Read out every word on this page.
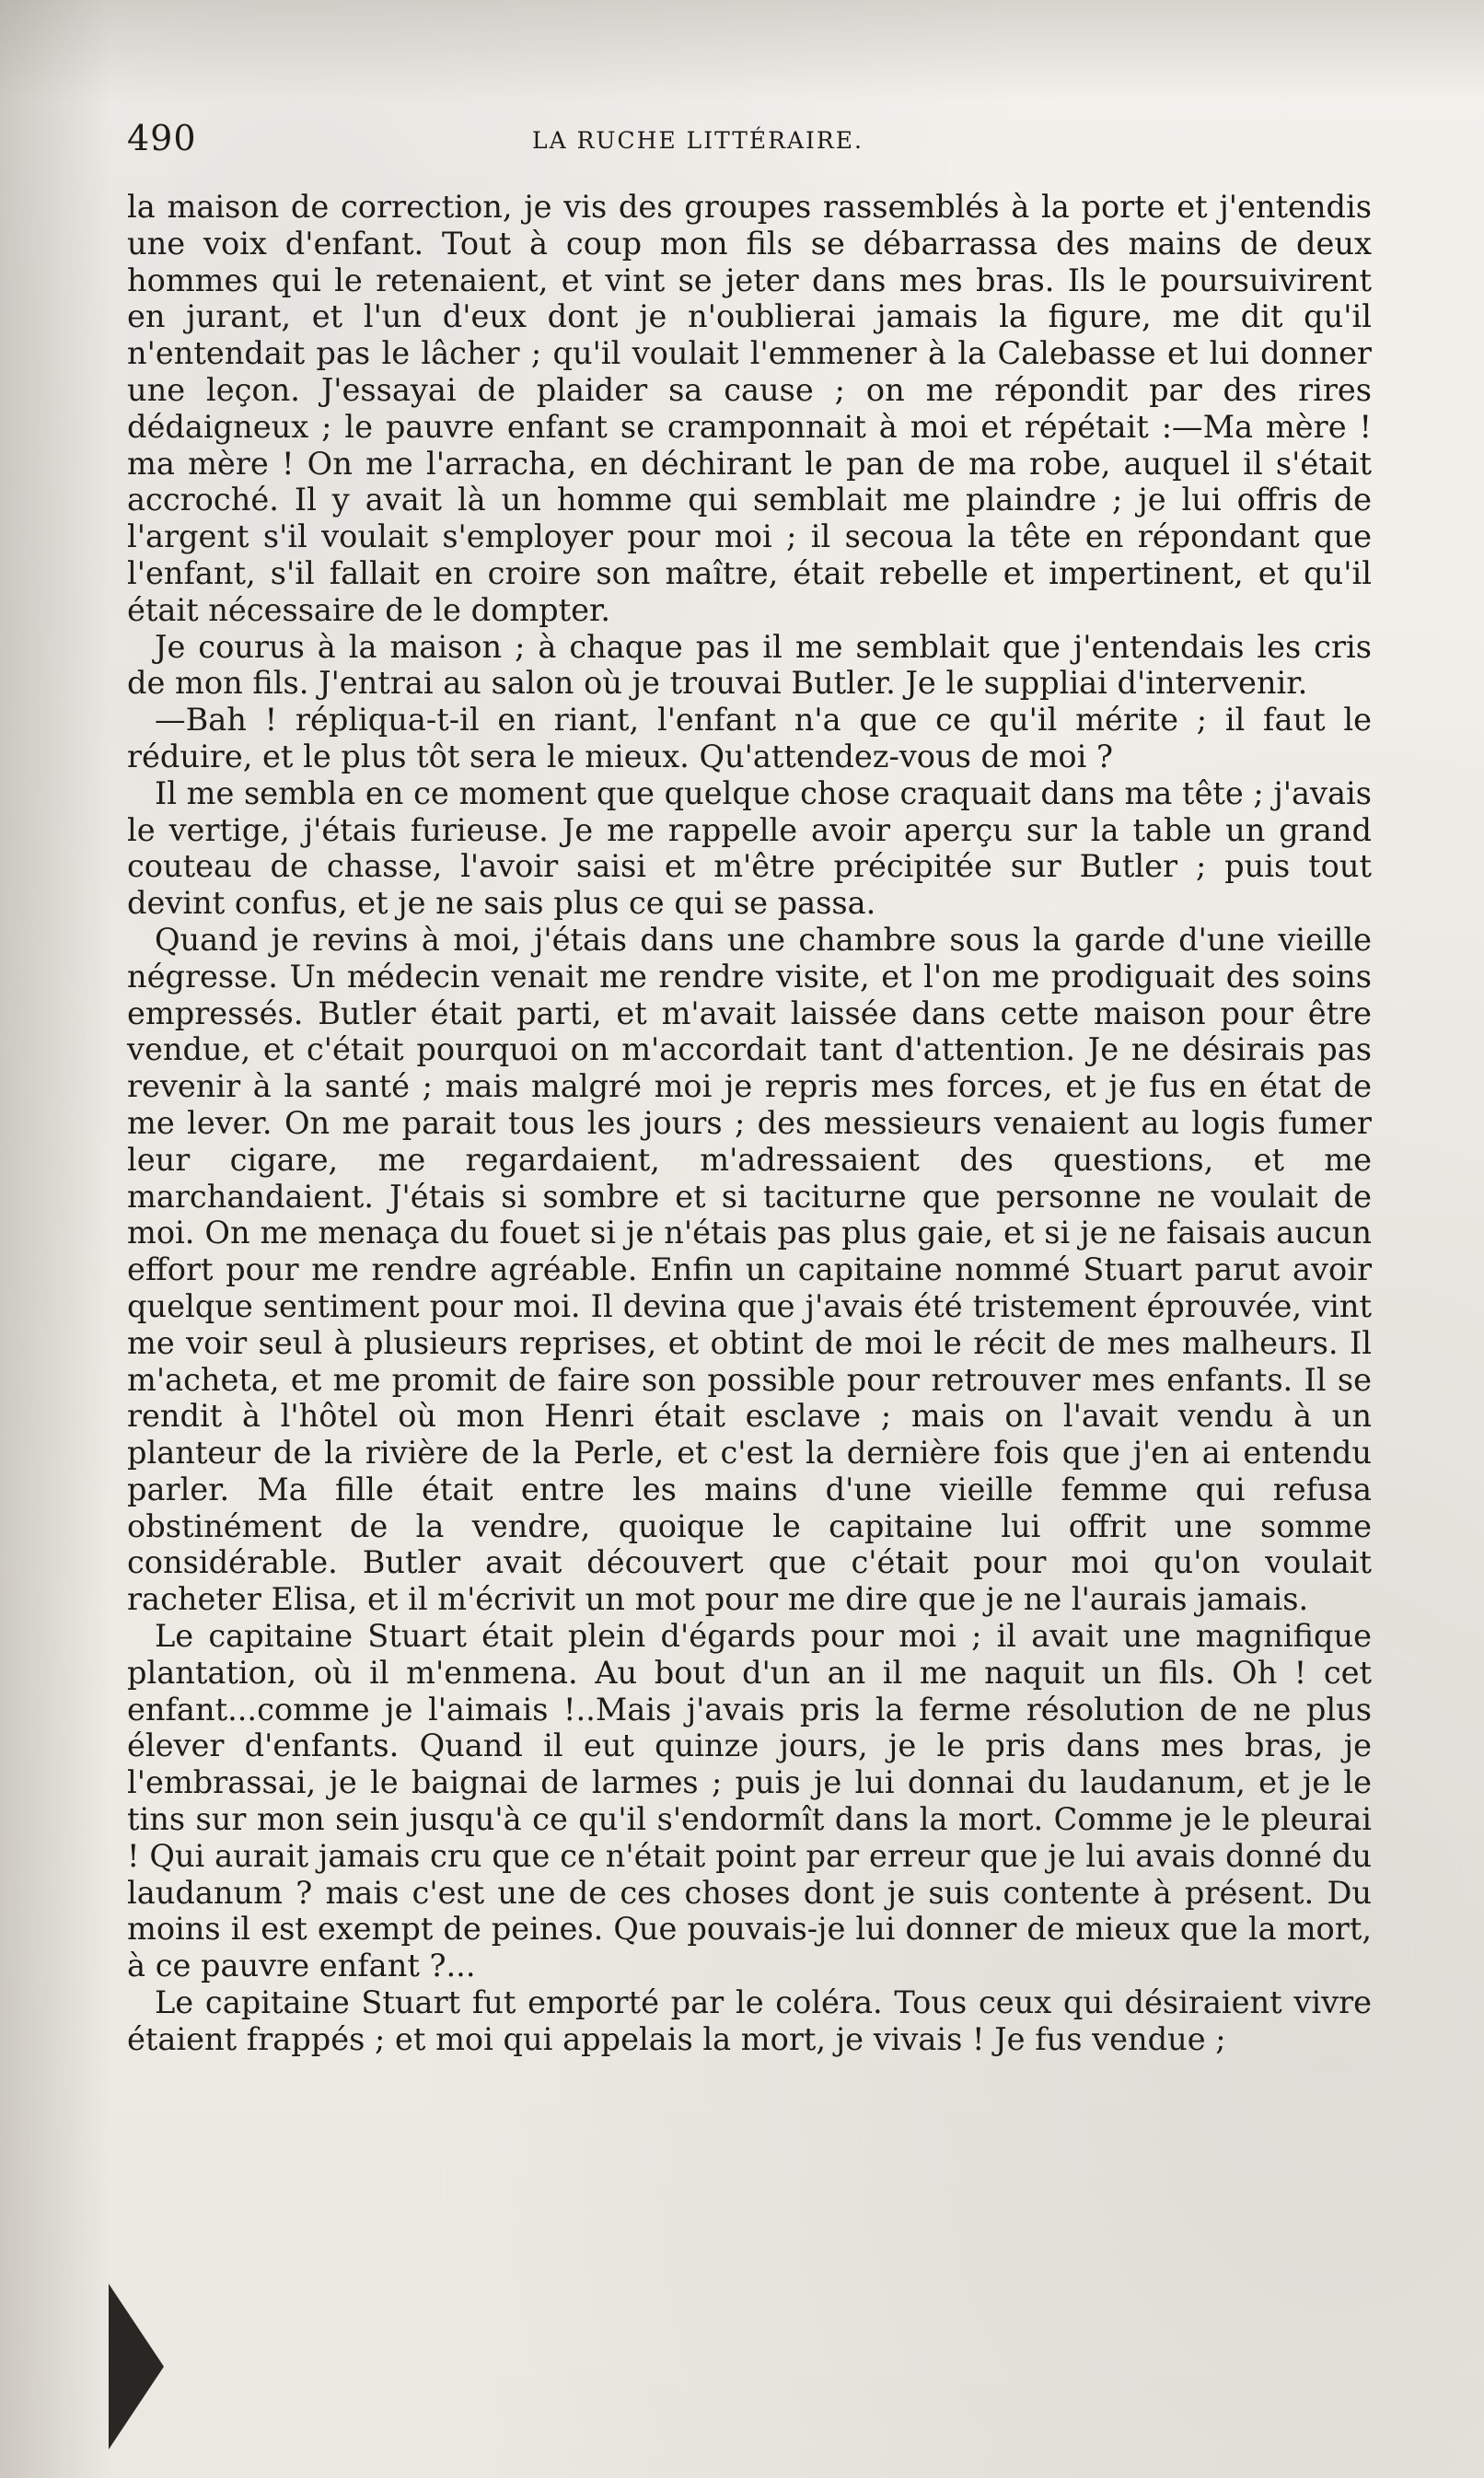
490	LA RUCHE LITTÉRAIRE.

la maison de correction, je vis des groupes rassemblés à la porte et j'entendis une voix d'enfant. Tout à coup mon fils se débarrassa des mains de deux hommes qui le retenaient, et vint se jeter dans mes bras. Ils le poursuivirent en jurant, et l'un d'eux dont je n'oublierai jamais la figure, me dit qu'il n'entendait pas le lâcher ; qu'il voulait l'emmener à la Calebasse et lui donner une leçon. J'essayai de plaider sa cause ; on me répondit par des rires dédaigneux ; le pauvre enfant se cramponnait à moi et répétait :—Ma mère ! ma mère ! On me l'arracha, en déchirant le pan de ma robe, auquel il s'était accroché. Il y avait là un homme qui semblait me plaindre ; je lui offris de l'argent s'il voulait s'employer pour moi ; il secoua la tête en répondant que l'enfant, s'il fallait en croire son maître, était rebelle et impertinent, et qu'il était nécessaire de le dompter.

Je courus à la maison ; à chaque pas il me semblait que j'entendais les cris de mon fils. J'entrai au salon où je trouvai Butler. Je le suppliai d'intervenir.

—Bah ! répliqua-t-il en riant, l'enfant n'a que ce qu'il mérite ; il faut le réduire, et le plus tôt sera le mieux. Qu'attendez-vous de moi ?

Il me sembla en ce moment que quelque chose craquait dans ma tête ; j'avais le vertige, j'étais furieuse. Je me rappelle avoir aperçu sur la table un grand couteau de chasse, l'avoir saisi et m'être précipitée sur Butler ; puis tout devint confus, et je ne sais plus ce qui se passa.

Quand je revins à moi, j'étais dans une chambre sous la garde d'une vieille négresse. Un médecin venait me rendre visite, et l'on me prodiguait des soins empressés. Butler était parti, et m'avait laissée dans cette maison pour être vendue, et c'était pourquoi on m'accordait tant d'attention. Je ne désirais pas revenir à la santé ; mais malgré moi je repris mes forces, et je fus en état de me lever. On me parait tous les jours ; des messieurs venaient au logis fumer leur cigare, me regardaient, m'adressaient des questions, et me marchandaient. J'étais si sombre et si taciturne que personne ne voulait de moi. On me menaça du fouet si je n'étais pas plus gaie, et si je ne faisais aucun effort pour me rendre agréable. Enfin un capitaine nommé Stuart parut avoir quelque sentiment pour moi. Il devina que j'avais été tristement éprouvée, vint me voir seul à plusieurs reprises, et obtint de moi le récit de mes malheurs. Il m'acheta, et me promit de faire son possible pour retrouver mes enfants. Il se rendit à l'hôtel où mon Henri était esclave ; mais on l'avait vendu à un planteur de la rivière de la Perle, et c'est la dernière fois que j'en ai entendu parler. Ma fille était entre les mains d'une vieille femme qui refusa obstinément de la vendre, quoique le capitaine lui offrit une somme considérable. Butler avait découvert que c'était pour moi qu'on voulait racheter Elisa, et il m'écrivit un mot pour me dire que je ne l'aurais jamais.

Le capitaine Stuart était plein d'égards pour moi ; il avait une magnifique plantation, où il m'enmena. Au bout d'un an il me naquit un fils. Oh ! cet enfant...comme je l'aimais !..Mais j'avais pris la ferme résolution de ne plus élever d'enfants. Quand il eut quinze jours, je le pris dans mes bras, je l'embrassai, je le baignai de larmes ; puis je lui donnai du laudanum, et je le tins sur mon sein jusqu'à ce qu'il s'endormît dans la mort. Comme je le pleurai ! Qui aurait jamais cru que ce n'était point par erreur que je lui avais donné du laudanum ? mais c'est une de ces choses dont je suis contente à présent. Du moins il est exempt de peines. Que pouvais-je lui donner de mieux que la mort, à ce pauvre enfant ?...

Le capitaine Stuart fut emporté par le coléra. Tous ceux qui désiraient vivre étaient frappés ; et moi qui appelais la mort, je vivais ! Je fus vendue ;
